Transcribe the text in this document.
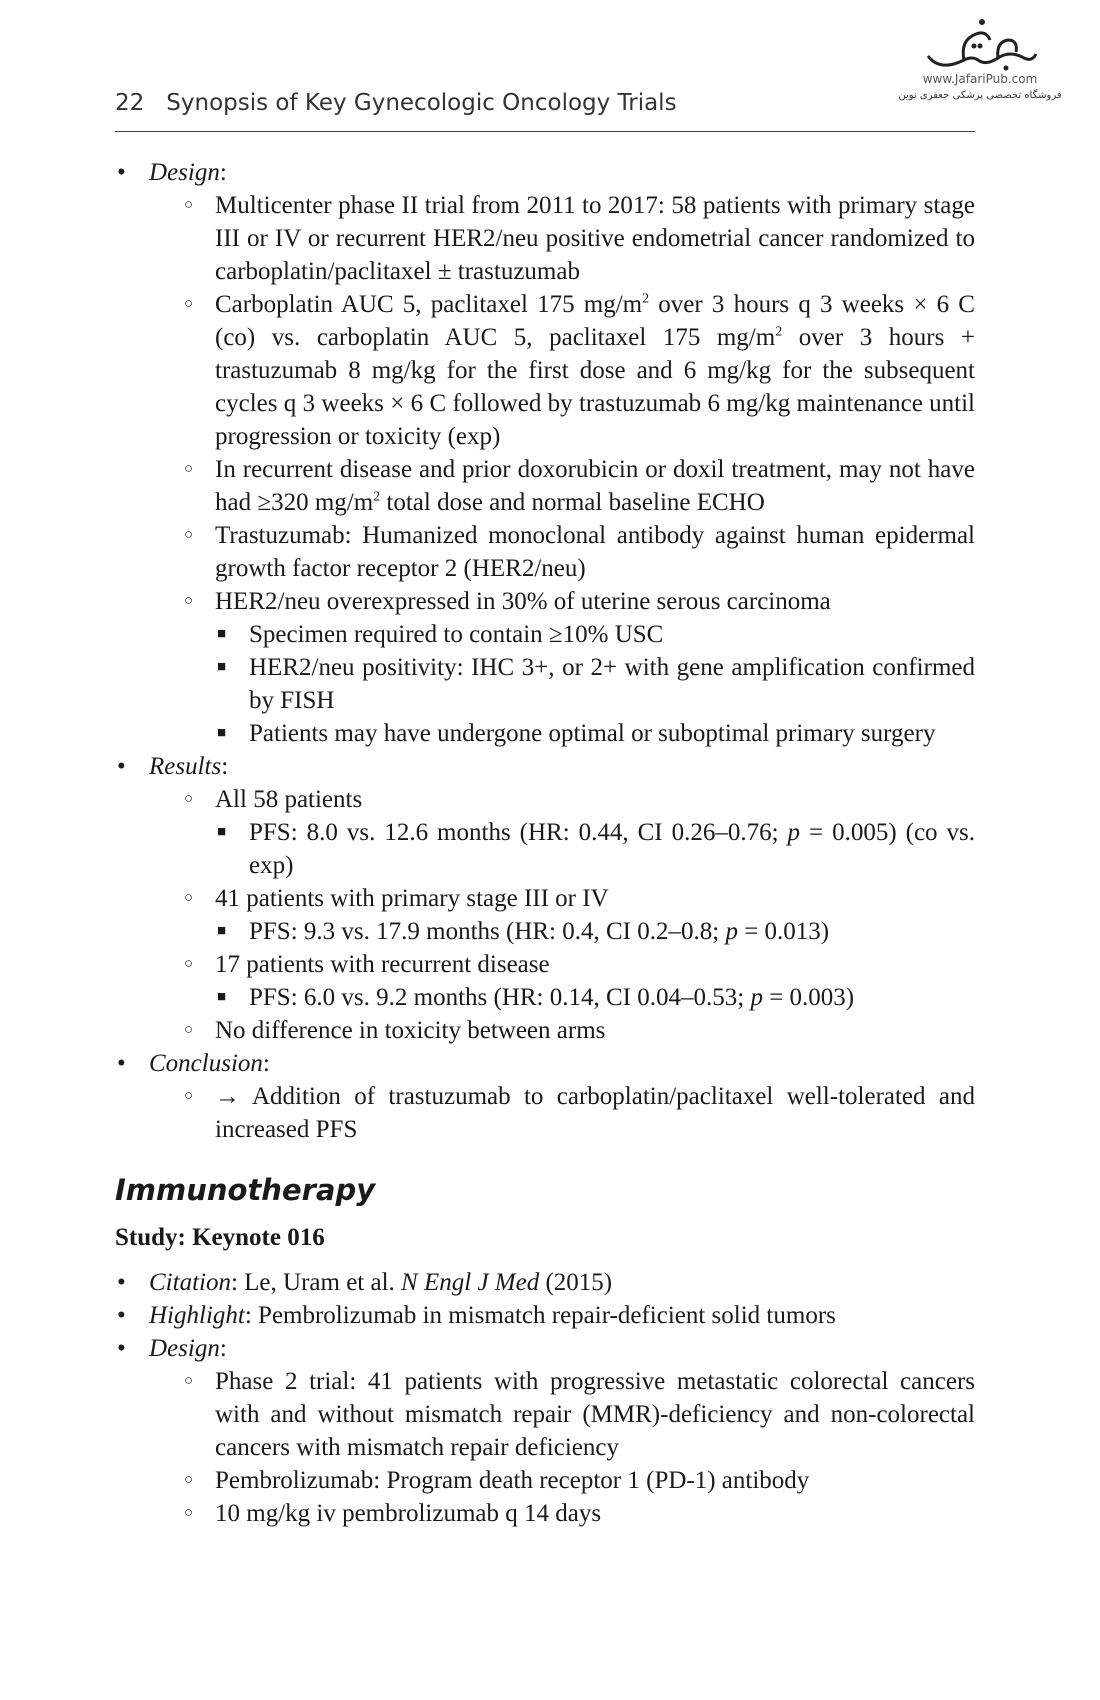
22 Synopsis of Key Gynecologic Oncology Trials
www.JafariPub.com
فروشگاه تخصصی پزشکی جعفری نوین
• Design:
○ Multicenter phase II trial from 2011 to 2017: 58 patients with primary stage III or IV or recurrent HER2/neu positive endometrial cancer randomized to carboplatin/paclitaxel ± trastuzumab
○ Carboplatin AUC 5, paclitaxel 175 $mg/m^2$ over 3 hours q 3 weeks × 6 C (co) vs. carboplatin AUC 5, paclitaxel 175 $mg/m^2$ over 3 hours + trastuzumab 8 mg/kg for the first dose and 6 mg/kg for the subsequent cycles q 3 weeks × 6 C followed by trastuzumab 6 mg/kg maintenance until progression or toxicity (exp)
○ In recurrent disease and prior doxorubicin or doxil treatment, may not have had ≥320 $mg/m^2$ total dose and normal baseline ECHO
○ Trastuzumab: Humanized monoclonal antibody against human epidermal growth factor receptor 2 (HER2/neu)
○ HER2/neu overexpressed in 30% of uterine serous carcinoma
■ Specimen required to contain ≥10% USC
■ HER2/neu positivity: IHC 3+, or 2+ with gene amplification confirmed by FISH
■ Patients may have undergone optimal or suboptimal primary surgery
• Results:
○ All 58 patients
■ PFS: 8.0 vs. 12.6 months (HR: 0.44, CI 0.26–0.76; p = 0.005) (co vs. exp)
○ 41 patients with primary stage III or IV
■ PFS: 9.3 vs. 17.9 months (HR: 0.4, CI 0.2–0.8; p = 0.013)
○ 17 patients with recurrent disease
■ PFS: 6.0 vs. 9.2 months (HR: 0.14, CI 0.04–0.53; p = 0.003)
○ No difference in toxicity between arms
• Conclusion:
○ → Addition of trastuzumab to carboplatin/paclitaxel well-tolerated and increased PFS
Immunotherapy
Study: Keynote 016
• Citation: Le, Uram et al. N Engl J Med (2015)
• Highlight: Pembrolizumab in mismatch repair-deficient solid tumors
• Design:
○ Phase 2 trial: 41 patients with progressive metastatic colorectal cancers with and without mismatch repair (MMR)-deficiency and non-colorectal cancers with mismatch repair deficiency
○ Pembrolizumab: Program death receptor 1 (PD-1) antibody
○ 10 mg/kg iv pembrolizumab q 14 days
